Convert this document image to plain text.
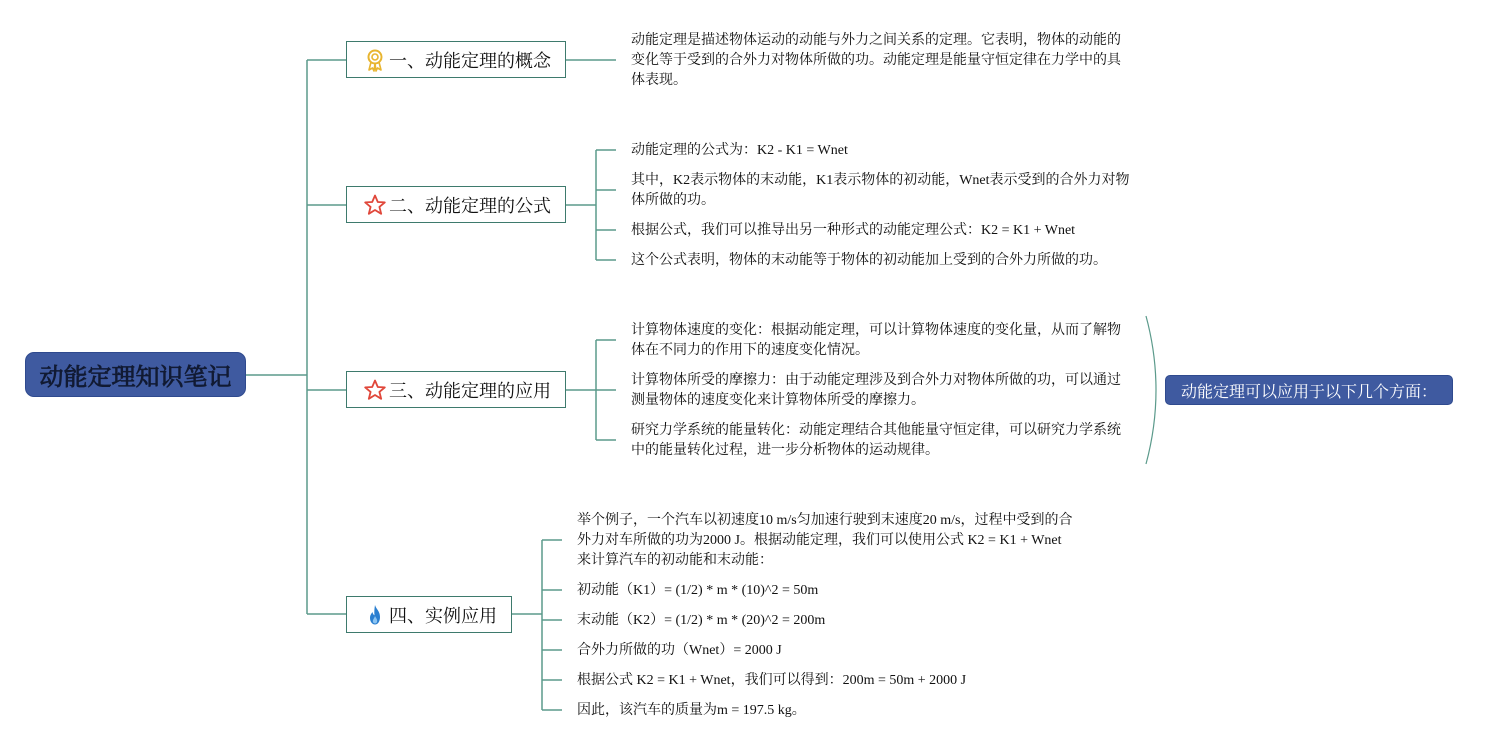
动能定理知识笔记
一、动能定理的概念
动能定理是描述物体运动的动能与外力之间关系的定理。它表明，物体的动能的变化等于受到的合外力对物体所做的功。动能定理是能量守恒定律在力学中的具体表现。
二、动能定理的公式
动能定理的公式为：K2 - K1 = Wnet
其中，K2表示物体的末动能，K1表示物体的初动能，Wnet表示受到的合外力对物体所做的功。
根据公式，我们可以推导出另一种形式的动能定理公式：K2 = K1 + Wnet
这个公式表明，物体的末动能等于物体的初动能加上受到的合外力所做的功。
三、动能定理的应用
计算物体速度的变化：根据动能定理，可以计算物体速度的变化量，从而了解物体在不同力的作用下的速度变化情况。
计算物体所受的摩擦力：由于动能定理涉及到合外力对物体所做的功，可以通过测量物体的速度变化来计算物体所受的摩擦力。
研究力学系统的能量转化：动能定理结合其他能量守恒定律，可以研究力学系统中的能量转化过程，进一步分析物体的运动规律。
动能定理可以应用于以下几个方面：
四、实例应用
举个例子，一个汽车以初速度10 m/s匀加速行驶到末速度20 m/s，过程中受到的合外力对车所做的功为2000 J。根据动能定理，我们可以使用公式 K2 = K1 + Wnet 来计算汽车的初动能和末动能：
初动能（K1）= (1/2) * m * (10)^2 = 50m
末动能（K2）= (1/2) * m * (20)^2 = 200m
合外力所做的功（Wnet）= 2000 J
根据公式 K2 = K1 + Wnet，我们可以得到：200m = 50m + 2000 J
因此，该汽车的质量为m = 197.5 kg。
